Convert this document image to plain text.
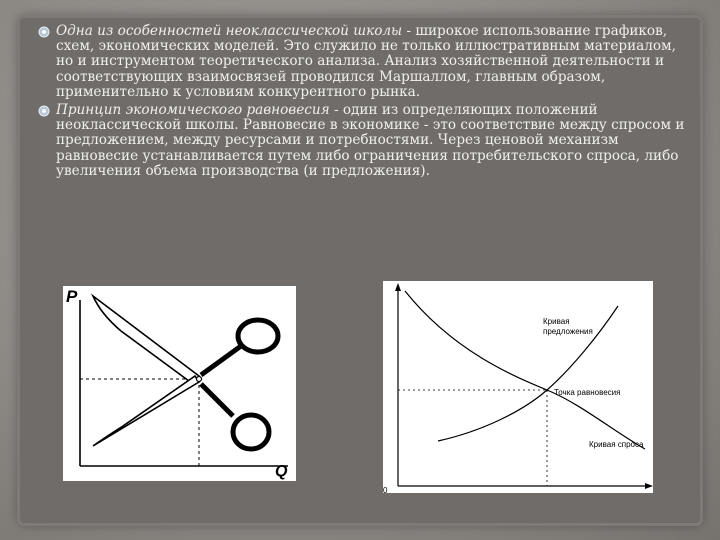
Одна из особенностей неоклассической школы - широкое использование графиков, схем, экономических моделей. Это служило не только иллюстративным материалом, но и инструментом теоретического анализа. Анализ хозяйственной деятельности и соответствующих взаимосвязей проводился Маршаллом, главным образом, применительно к условиям конкурентного рынка.
Принцип экономического равновесия - один из определяющих положений неоклассической школы. Равновесие в экономике - это соответствие между спросом и предложением, между ресурсами и потребностями. Через ценовой механизм равновесие устанавливается путем либо ограничения потребительского спроса, либо увеличения объема производства (и предложения).
P
Q
0
Кривая
предложения
Точка равновесия
Кривая спроса
